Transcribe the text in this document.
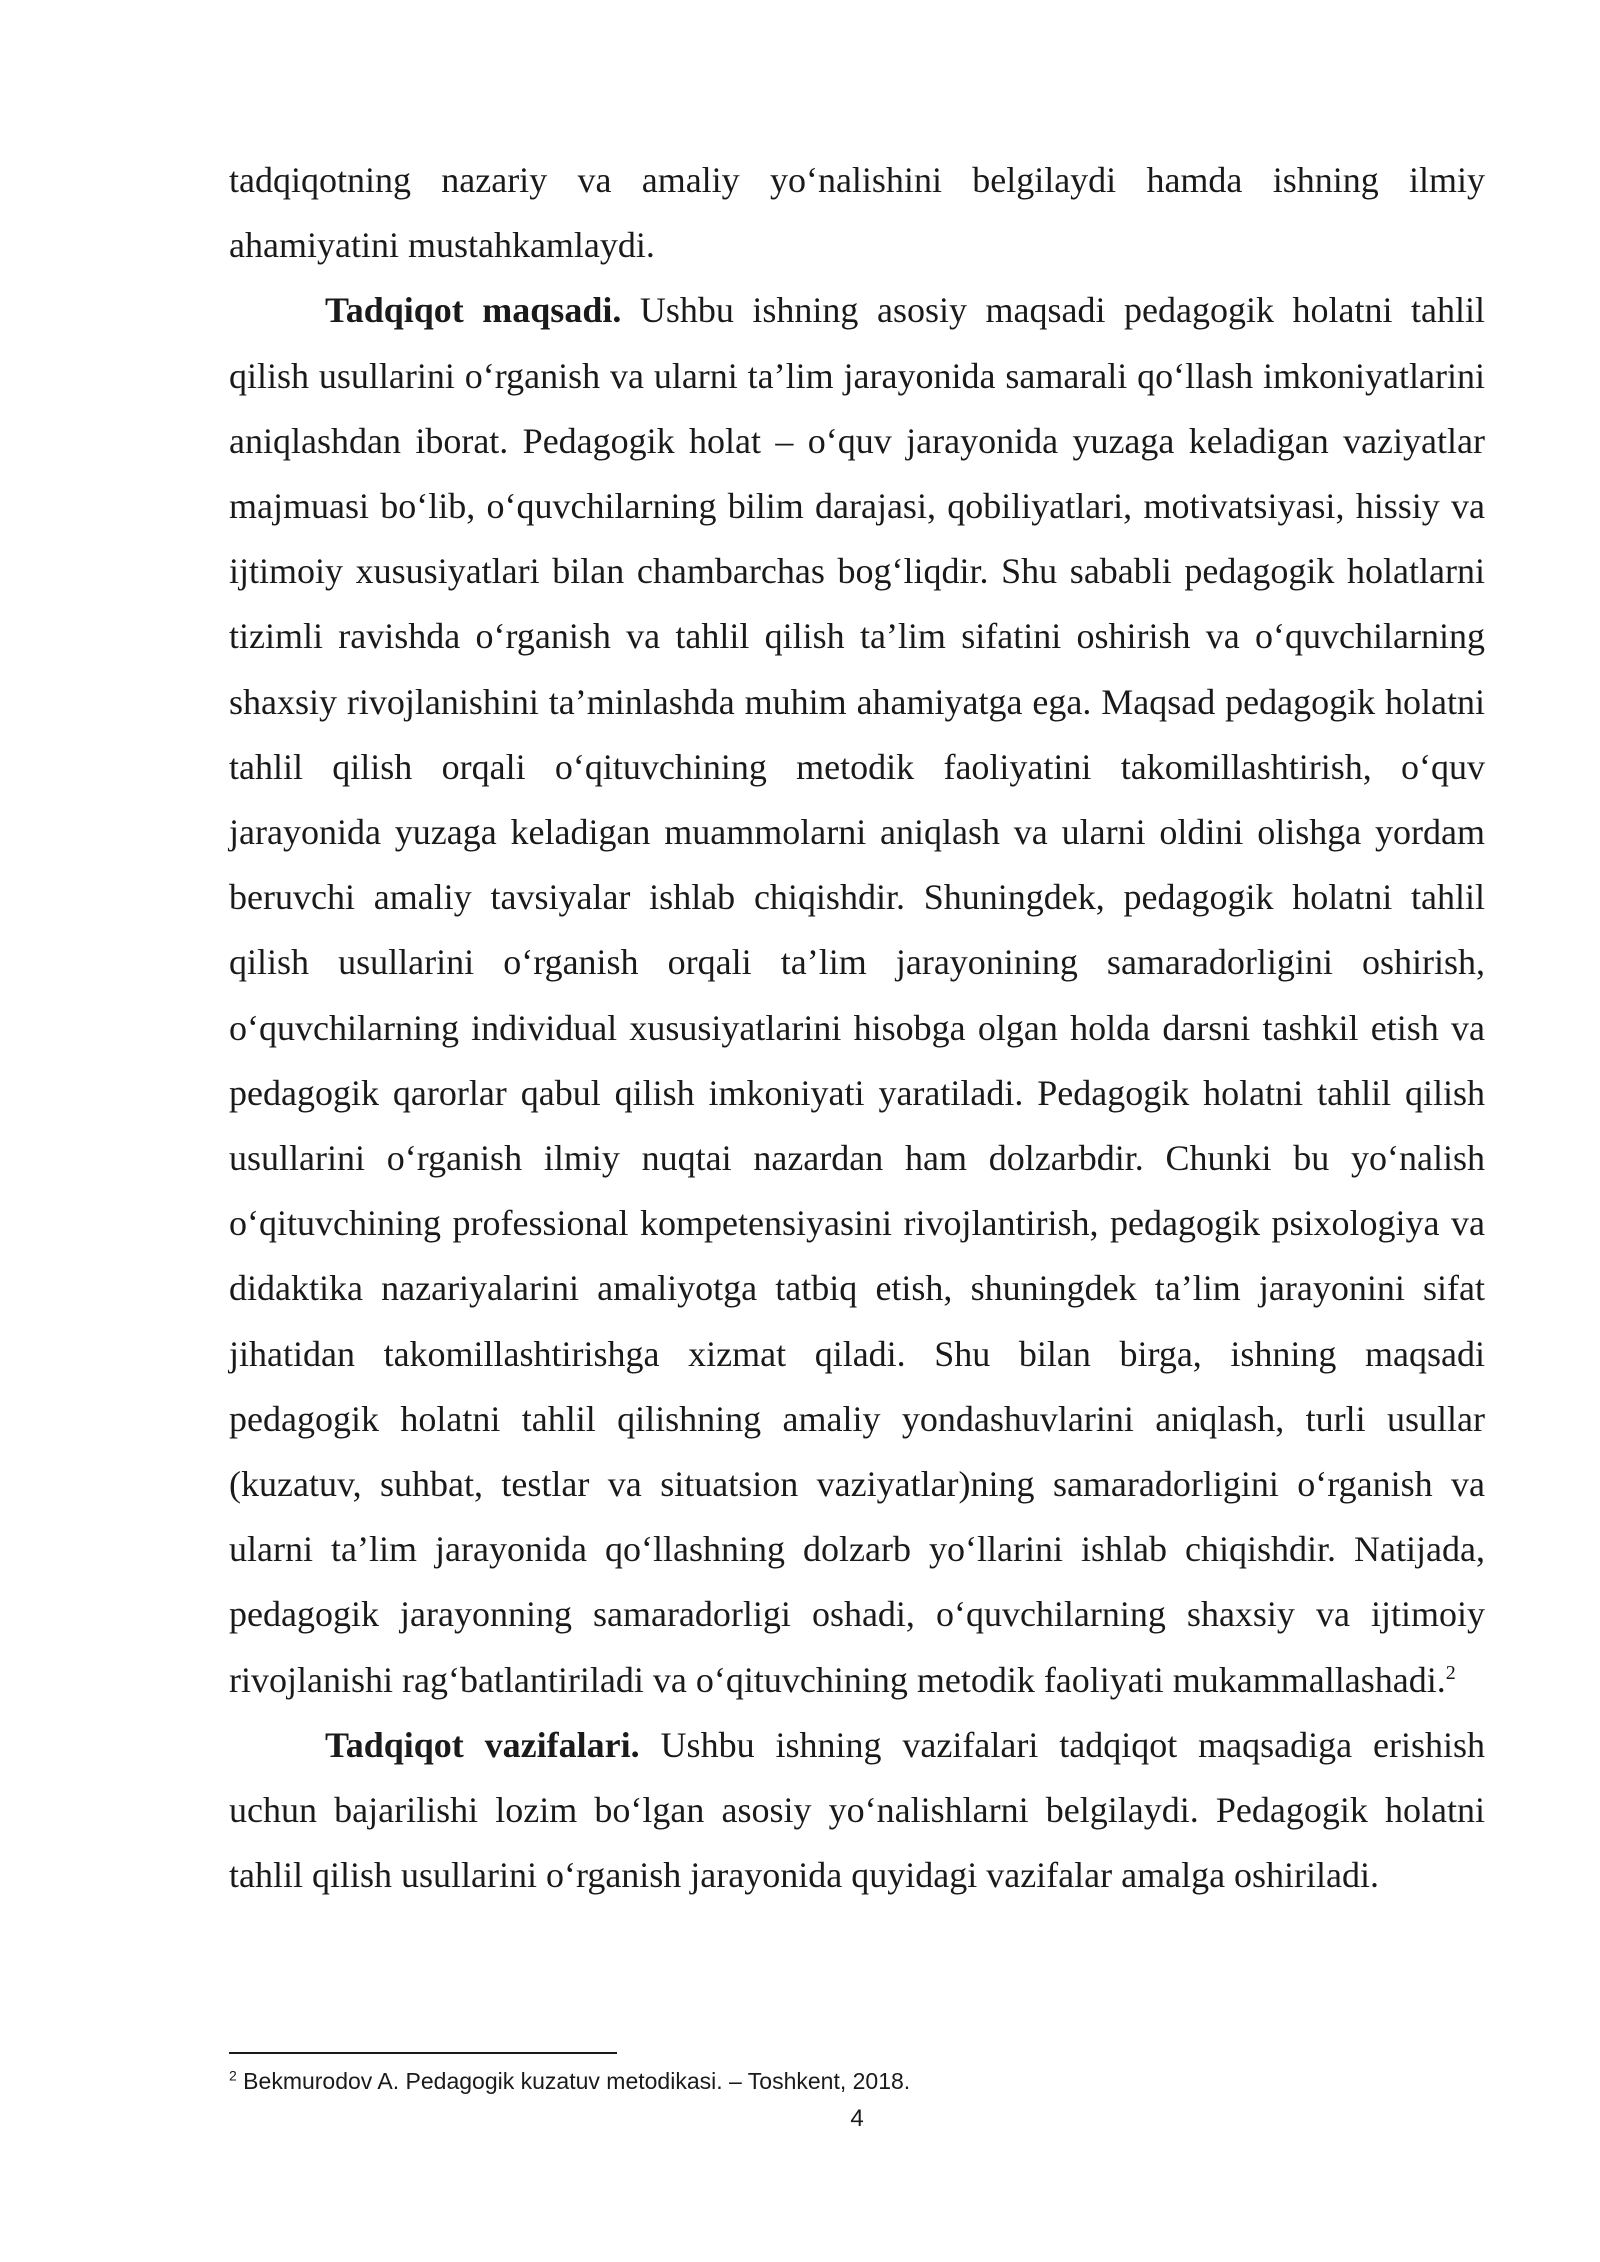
tadqiqotning nazariy va amaliy yo‘nalishini belgilaydi hamda ishning ilmiy ahamiyatini mustahkamlaydi.

Tadqiqot maqsadi. Ushbu ishning asosiy maqsadi pedagogik holatni tahlil qilish usullarini o‘rganish va ularni ta’lim jarayonida samarali qo‘llash imkoniyatlarini aniqlashdan iborat. Pedagogik holat – o‘quv jarayonida yuzaga keladigan vaziyatlar majmuasi bo‘lib, o‘quvchilarning bilim darajasi, qobiliyatlari, motivatsiyasi, hissiy va ijtimoiy xususiyatlari bilan chambarchas bog‘liqdir. Shu sababli pedagogik holatlarni tizimli ravishda o‘rganish va tahlil qilish ta’lim sifatini oshirish va o‘quvchilarning shaxsiy rivojlanishini ta’minlashda muhim ahamiyatga ega. Maqsad pedagogik holatni tahlil qilish orqali o‘qituvchining metodik faoliyatini takomillashtirish, o‘quv jarayonida yuzaga keladigan muammolarni aniqlash va ularni oldini olishga yordam beruvchi amaliy tavsiyalar ishlab chiqishdir. Shuningdek, pedagogik holatni tahlil qilish usullarini o‘rganish orqali ta’lim jarayonining samaradorligini oshirish, o‘quvchilarning individual xususiyatlarini hisobga olgan holda darsni tashkil etish va pedagogik qarorlar qabul qilish imkoniyati yaratiladi. Pedagogik holatni tahlil qilish usullarini o‘rganish ilmiy nuqtai nazardan ham dolzarbdir. Chunki bu yo‘nalish o‘qituvchining professional kompetensiyasini rivojlantirish, pedagogik psixologiya va didaktika nazariyalarini amaliyotga tatbiq etish, shuningdek ta’lim jarayonini sifat jihatidan takomillashtirishga xizmat qiladi. Shu bilan birga, ishning maqsadi pedagogik holatni tahlil qilishning amaliy yondashuvlarini aniqlash, turli usullar (kuzatuv, suhbat, testlar va situatsion vaziyatlar)ning samaradorligini o‘rganish va ularni ta’lim jarayonida qo‘llashning dolzarb yo‘llarini ishlab chiqishdir. Natijada, pedagogik jarayonning samaradorligi oshadi, o‘quvchilarning shaxsiy va ijtimoiy rivojlanishi rag‘batlantiriladi va o‘qituvchining metodik faoliyati mukammallashadi.$^2$

Tadqiqot vazifalari. Ushbu ishning vazifalari tadqiqot maqsadiga erishish uchun bajarilishi lozim bo‘lgan asosiy yo‘nalishlarni belgilaydi. Pedagogik holatni tahlil qilish usullarini o‘rganish jarayonida quyidagi vazifalar amalga oshiriladi.

$^2$ Bekmurodov A. Pedagogik kuzatuv metodikasi. – Toshkent, 2018.
4
